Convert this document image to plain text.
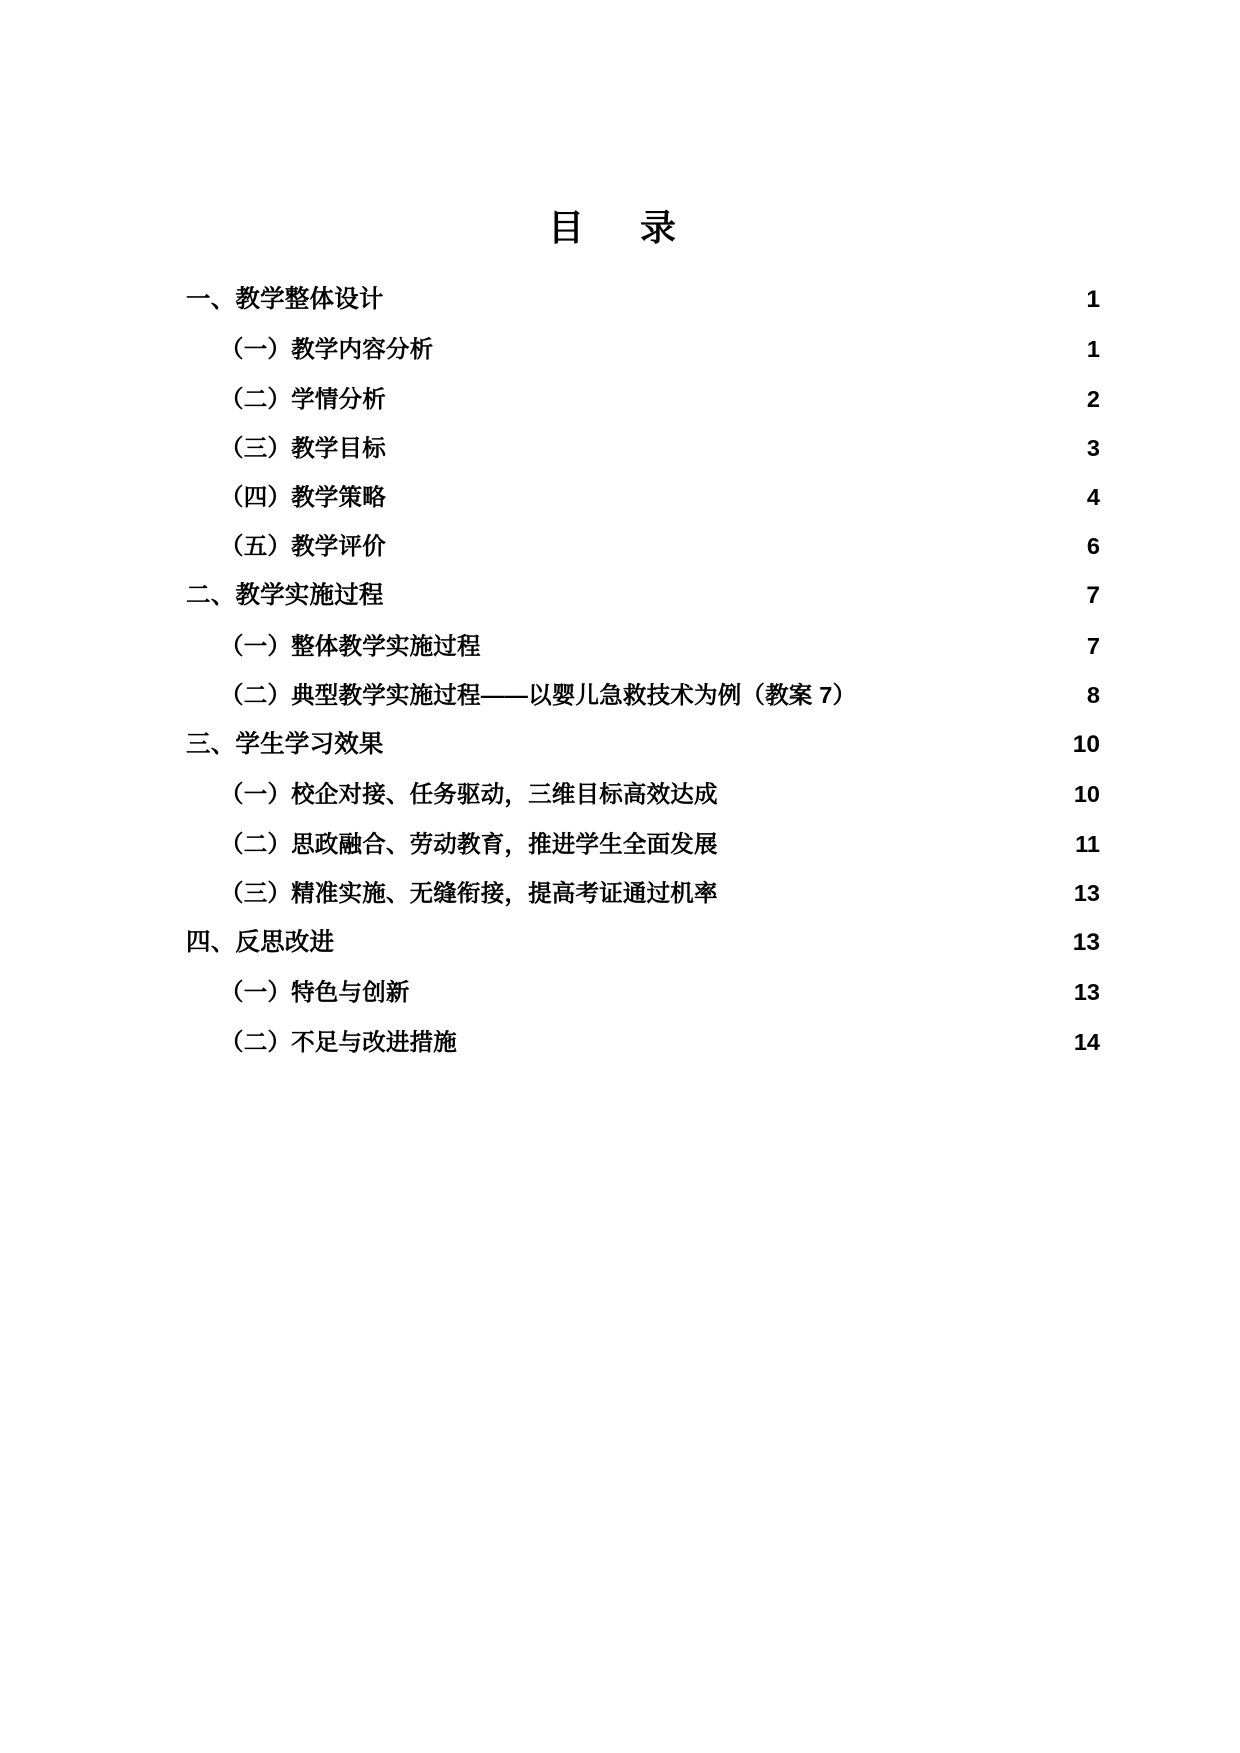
目　录
一、教学整体设计 .....	1
（一）教学内容分析 .....	1
（二）学情分析 .....	2
（三）教学目标 .....	3
（四）教学策略 .....	4
（五）教学评价 .....	6
二、教学实施过程 .....	7
（一）整体教学实施过程 .....	7
（二）典型教学实施过程——以婴儿急救技术为例（教案 7） .....	8
三、学生学习效果 .....	10
（一）校企对接、任务驱动，三维目标高效达成 .....	10
（二）思政融合、劳动教育，推进学生全面发展 .....	11
（三）精准实施、无缝衔接，提高考证通过机率 .....	13
四、反思改进 .....	13
（一）特色与创新 .....	13
（二）不足与改进措施 .....	14
